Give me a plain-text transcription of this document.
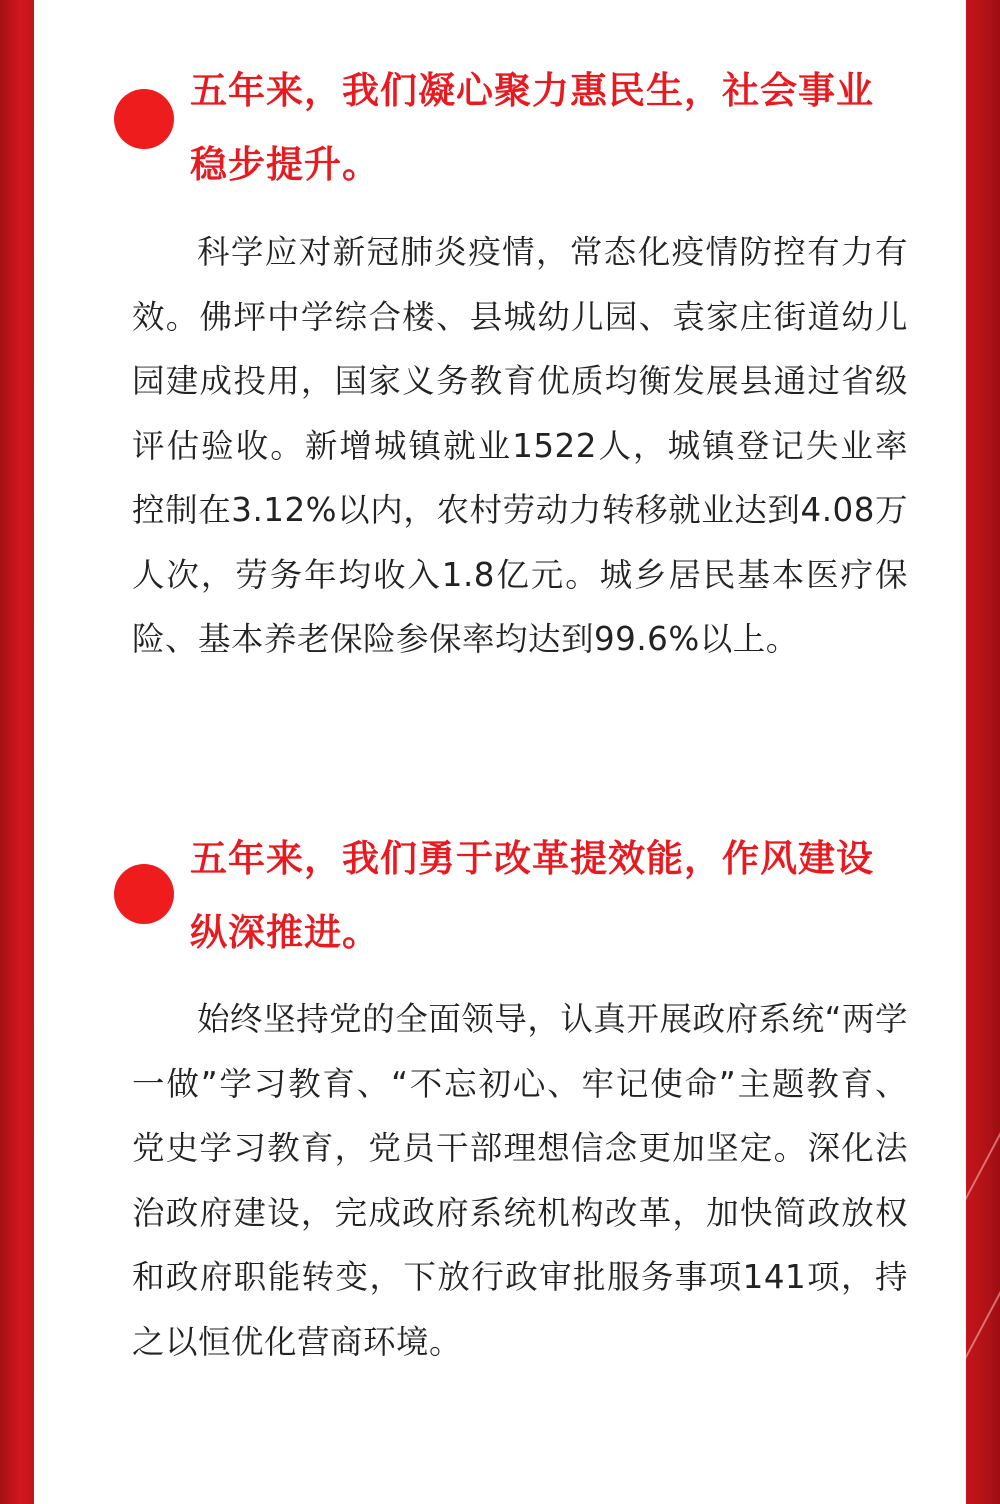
五年来，我们凝心聚力惠民生，社会事业稳步提升。

科学应对新冠肺炎疫情，常态化疫情防控有力有效。佛坪中学综合楼、县城幼儿园、袁家庄街道幼儿园建成投用，国家义务教育优质均衡发展县通过省级评估验收。新增城镇就业1522人，城镇登记失业率控制在3.12%以内，农村劳动力转移就业达到4.08万人次，劳务年均收入1.8亿元。城乡居民基本医疗保险、基本养老保险参保率均达到99.6%以上。

五年来，我们勇于改革提效能，作风建设纵深推进。

始终坚持党的全面领导，认真开展政府系统“两学一做”学习教育、“不忘初心、牢记使命”主题教育、党史学习教育，党员干部理想信念更加坚定。深化法治政府建设，完成政府系统机构改革，加快简政放权和政府职能转变，下放行政审批服务事项141项，持之以恒优化营商环境。
